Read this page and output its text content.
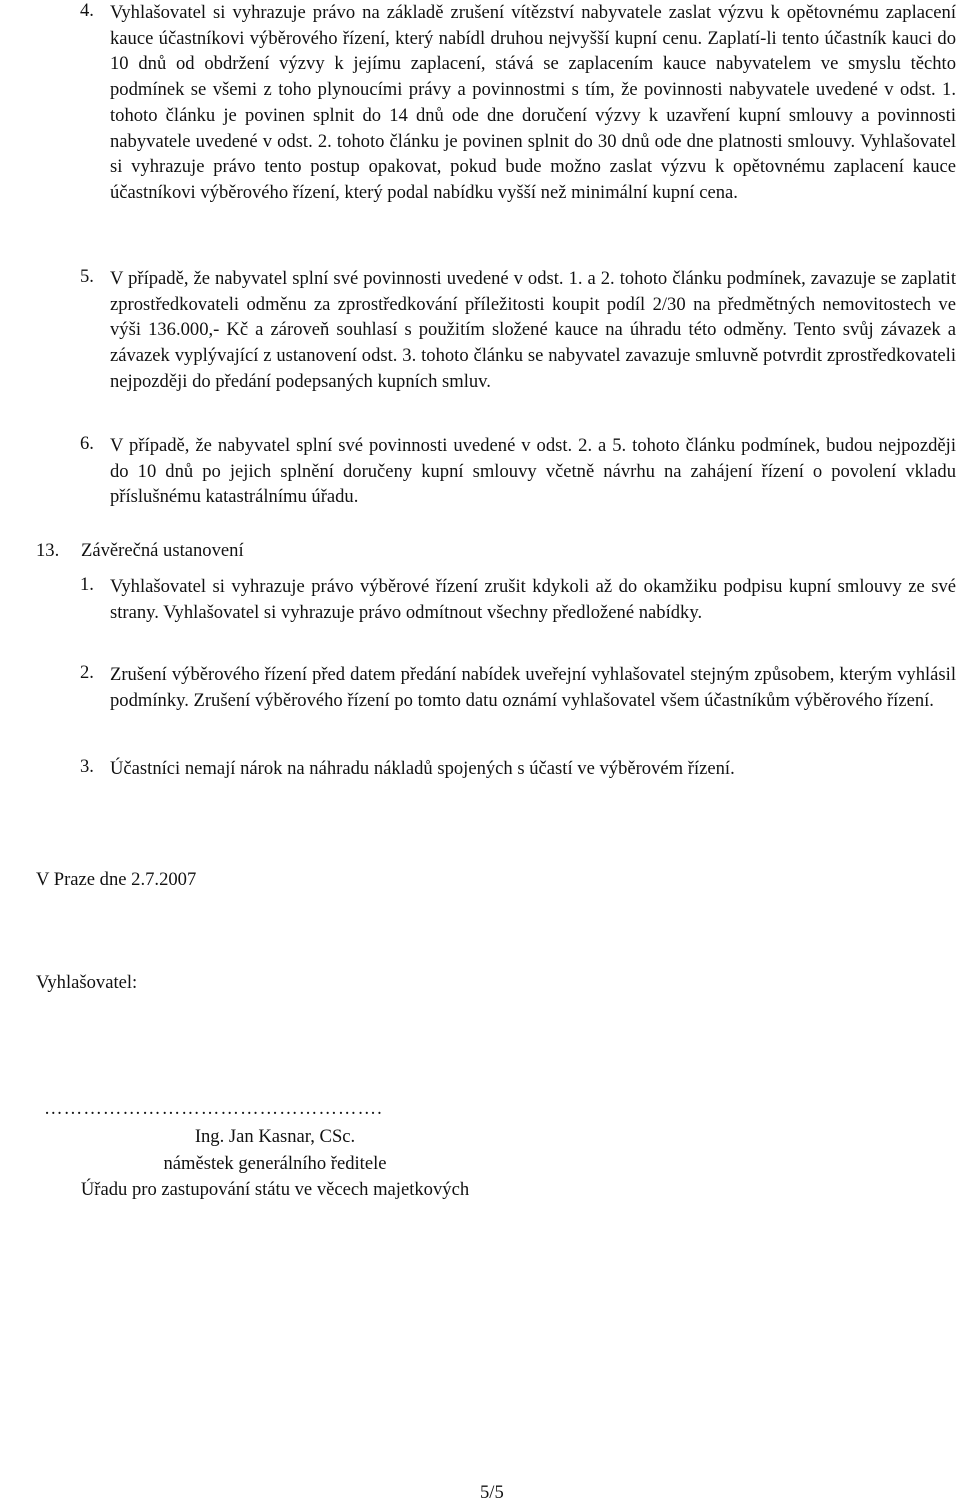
4. Vyhlašovatel si vyhrazuje právo na základě zrušení vítězství nabyvatele zaslat výzvu k opětovnému zaplacení kauce účastníkovi výběrového řízení, který nabídl druhou nejvyšší kupní cenu. Zaplatí-li tento účastník kauci do 10 dnů od obdržení výzvy k jejímu zaplacení, stává se zaplacením kauce nabyvatelem ve smyslu těchto podmínek se všemi z toho plynoucími právy a povinnostmi s tím, že povinnosti nabyvatele uvedené v odst. 1. tohoto článku je povinen splnit do 14 dnů ode dne doručení výzvy k uzavření kupní smlouvy a povinnosti nabyvatele uvedené v odst. 2. tohoto článku je povinen splnit do 30 dnů ode dne platnosti smlouvy. Vyhlašovatel si vyhrazuje právo tento postup opakovat, pokud bude možno zaslat výzvu k opětovnému zaplacení kauce účastníkovi výběrového řízení, který podal nabídku vyšší než minimální kupní cena.
5. V případě, že nabyvatel splní své povinnosti uvedené v odst. 1. a 2. tohoto článku podmínek, zavazuje se zaplatit zprostředkovateli odměnu za zprostředkování příležitosti koupit podíl 2/30 na předmětných nemovitostech ve výši 136.000,- Kč a zároveň souhlasí s použitím složené kauce na úhradu této odměny. Tento svůj závazek a závazek vyplývající z ustanovení odst. 3. tohoto článku se nabyvatel zavazuje smluvně potvrdit zprostředkovateli nejpozději do předání podepsaných kupních smluv.
6. V případě, že nabyvatel splní své povinnosti uvedené v odst. 2. a 5. tohoto článku podmínek, budou nejpozději do 10 dnů po jejich splnění doručeny kupní smlouvy včetně návrhu na zahájení řízení o povolení vkladu příslušnému katastrálnímu úřadu.
13. Závěrečná ustanovení
1. Vyhlašovatel si vyhrazuje právo výběrové řízení zrušit kdykoli až do okamžiku podpisu kupní smlouvy ze své strany. Vyhlašovatel si vyhrazuje právo odmítnout všechny předložené nabídky.
2. Zrušení výběrového řízení před datem předání nabídek uveřejní vyhlašovatel stejným způsobem, kterým vyhlásil podmínky. Zrušení výběrového řízení po tomto datu oznámí vyhlašovatel všem účastníkům výběrového řízení.
3. Účastníci nemají nárok na náhradu nákladů spojených s účastí ve výběrovém řízení.
V Praze dne 2.7.2007
Vyhlašovatel:
…………………………………………….
Ing. Jan Kasnar, CSc.
náměstek generálního ředitele
Úřadu pro zastupování státu ve věcech majetkových
5/5
